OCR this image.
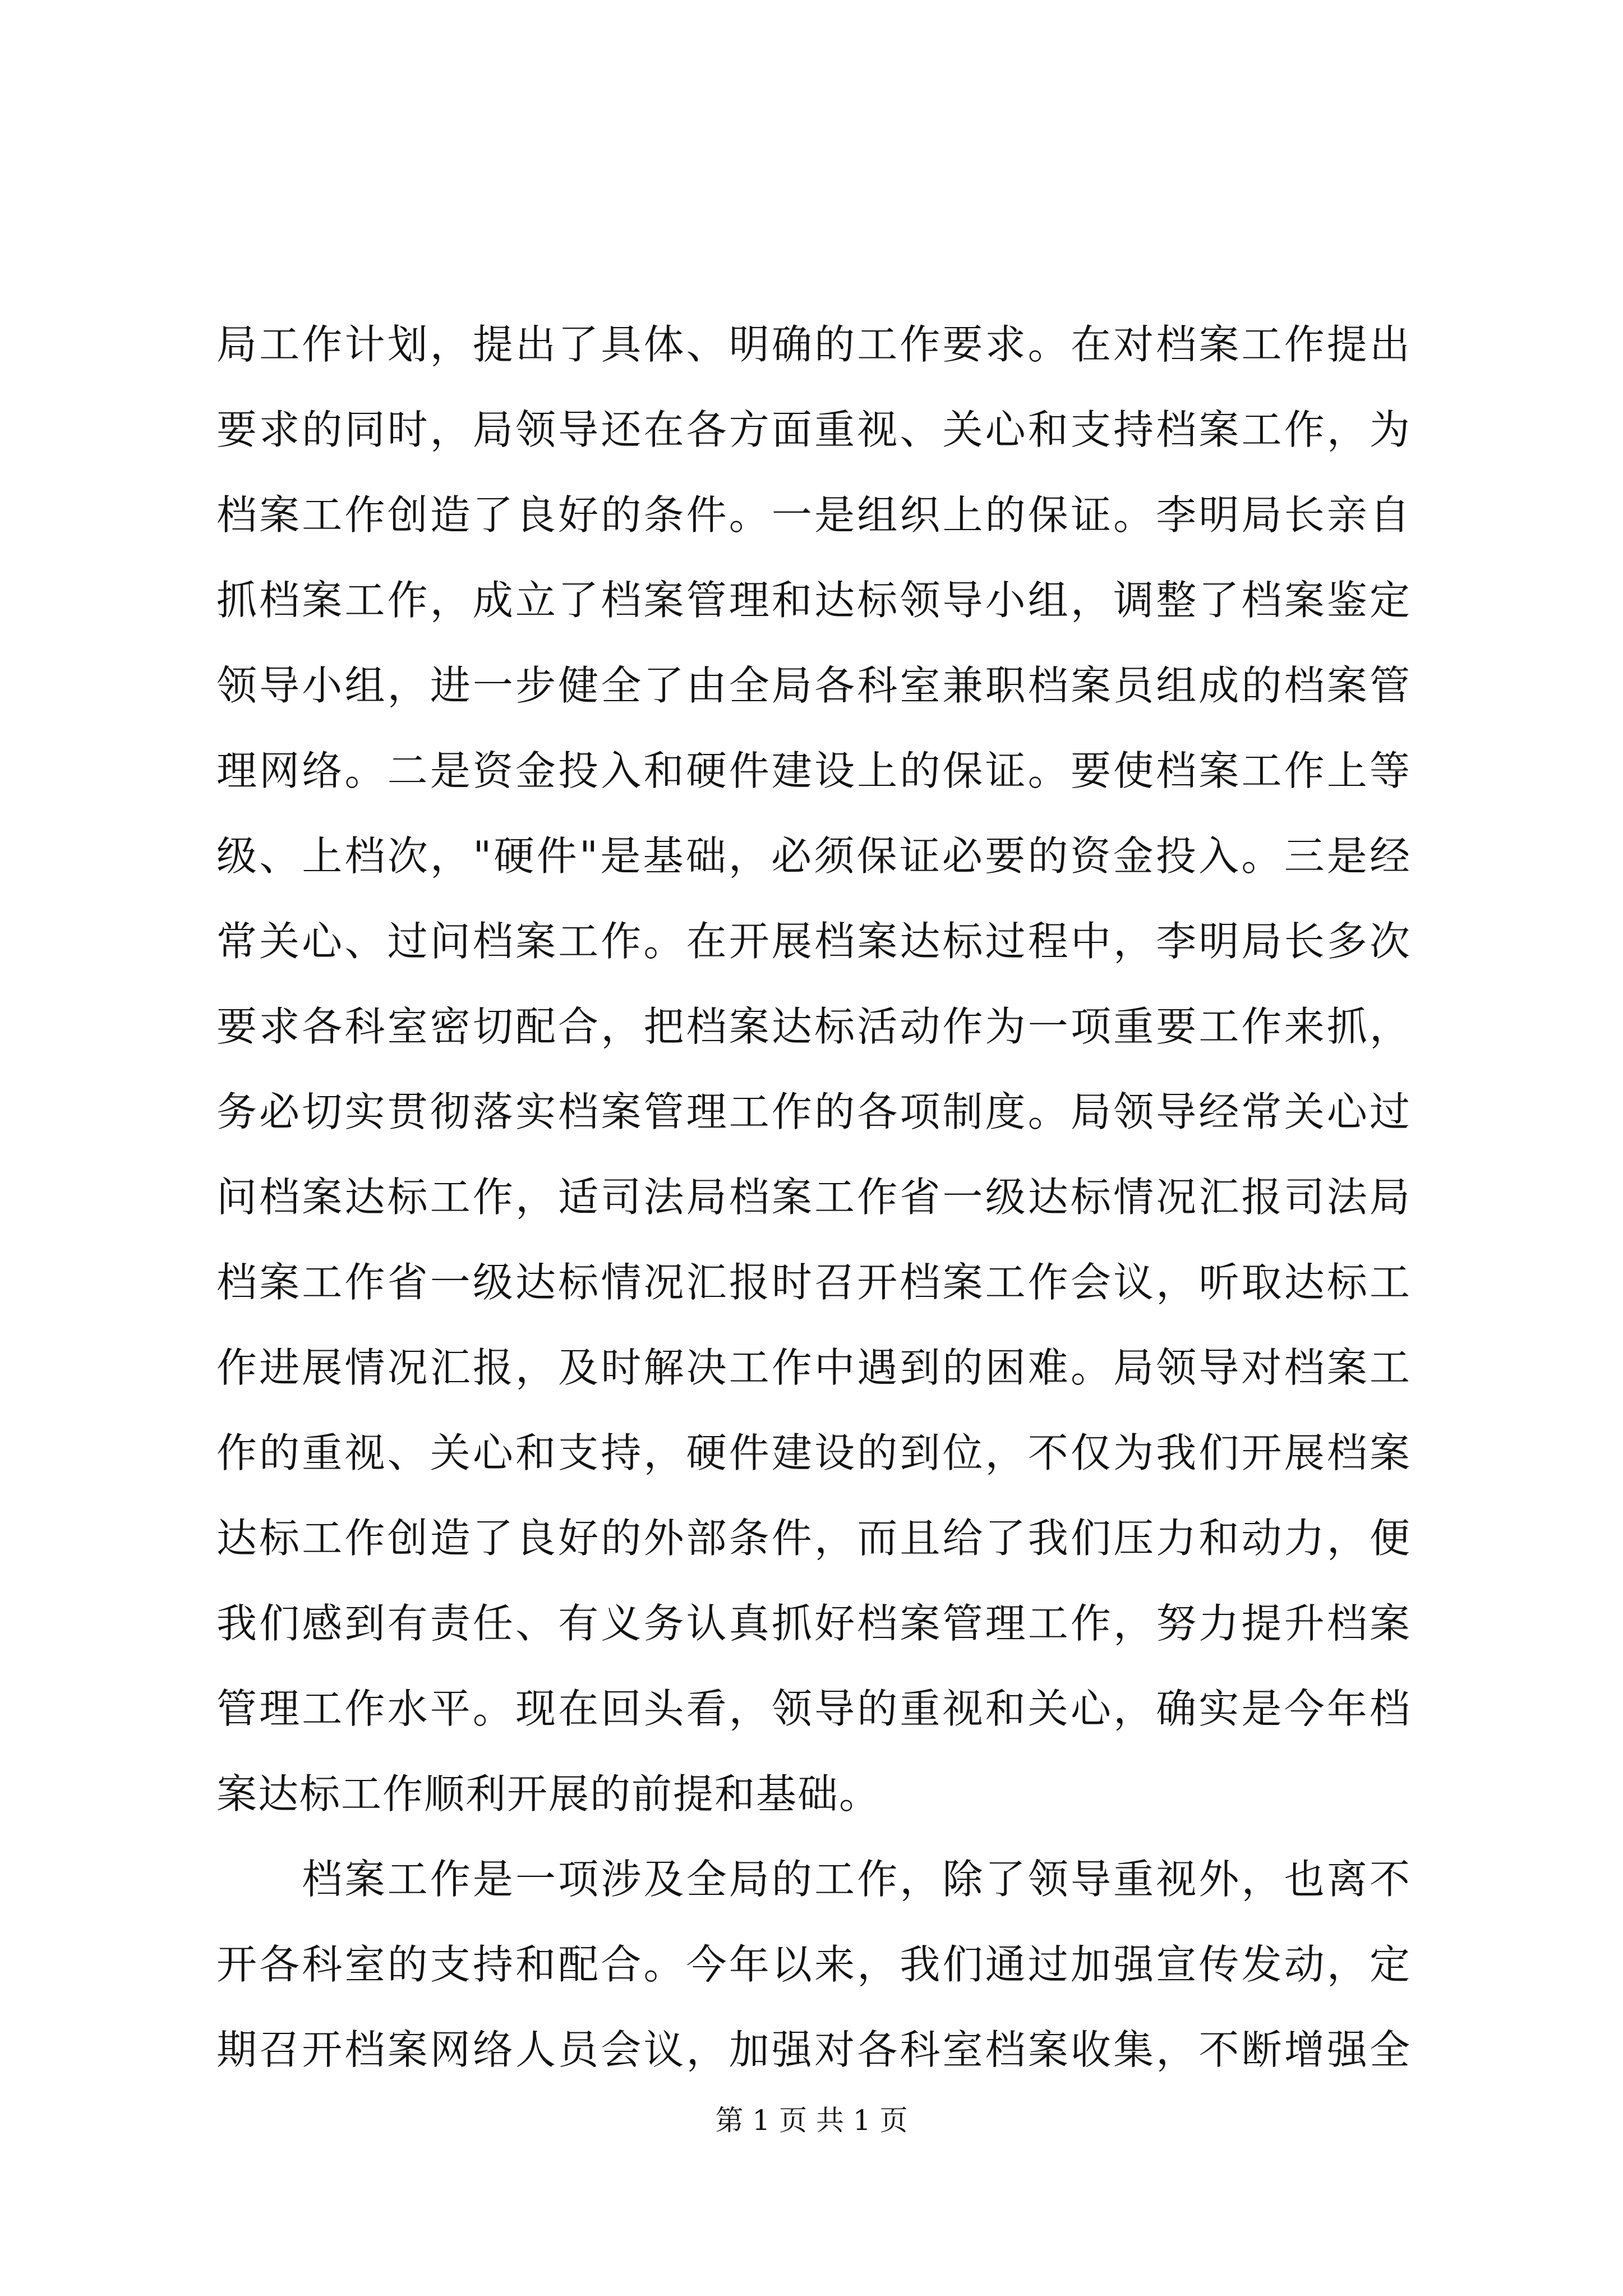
局工作计划，提出了具体、明确的工作要求。在对档案工作提出
要求的同时，局领导还在各方面重视、关心和支持档案工作，为
档案工作创造了良好的条件。一是组织上的保证。李明局长亲自
抓档案工作，成立了档案管理和达标领导小组，调整了档案鉴定
领导小组，进一步健全了由全局各科室兼职档案员组成的档案管
理网络。二是资金投入和硬件建设上的保证。要使档案工作上等
级、上档次，"硬件"是基础，必须保证必要的资金投入。三是经
常关心、过问档案工作。在开展档案达标过程中，李明局长多次
要求各科室密切配合，把档案达标活动作为一项重要工作来抓，
务必切实贯彻落实档案管理工作的各项制度。局领导经常关心过
问档案达标工作，适司法局档案工作省一级达标情况汇报司法局
档案工作省一级达标情况汇报时召开档案工作会议，听取达标工
作进展情况汇报，及时解决工作中遇到的困难。局领导对档案工
作的重视、关心和支持，硬件建设的到位，不仅为我们开展档案
达标工作创造了良好的外部条件，而且给了我们压力和动力，便
我们感到有责任、有义务认真抓好档案管理工作，努力提升档案
管理工作水平。现在回头看，领导的重视和关心，确实是今年档
案达标工作顺利开展的前提和基础。
　　档案工作是一项涉及全局的工作，除了领导重视外，也离不
开各科室的支持和配合。今年以来，我们通过加强宣传发动，定
期召开档案网络人员会议，加强对各科室档案收集，不断增强全
第 1 页 共 1 页
